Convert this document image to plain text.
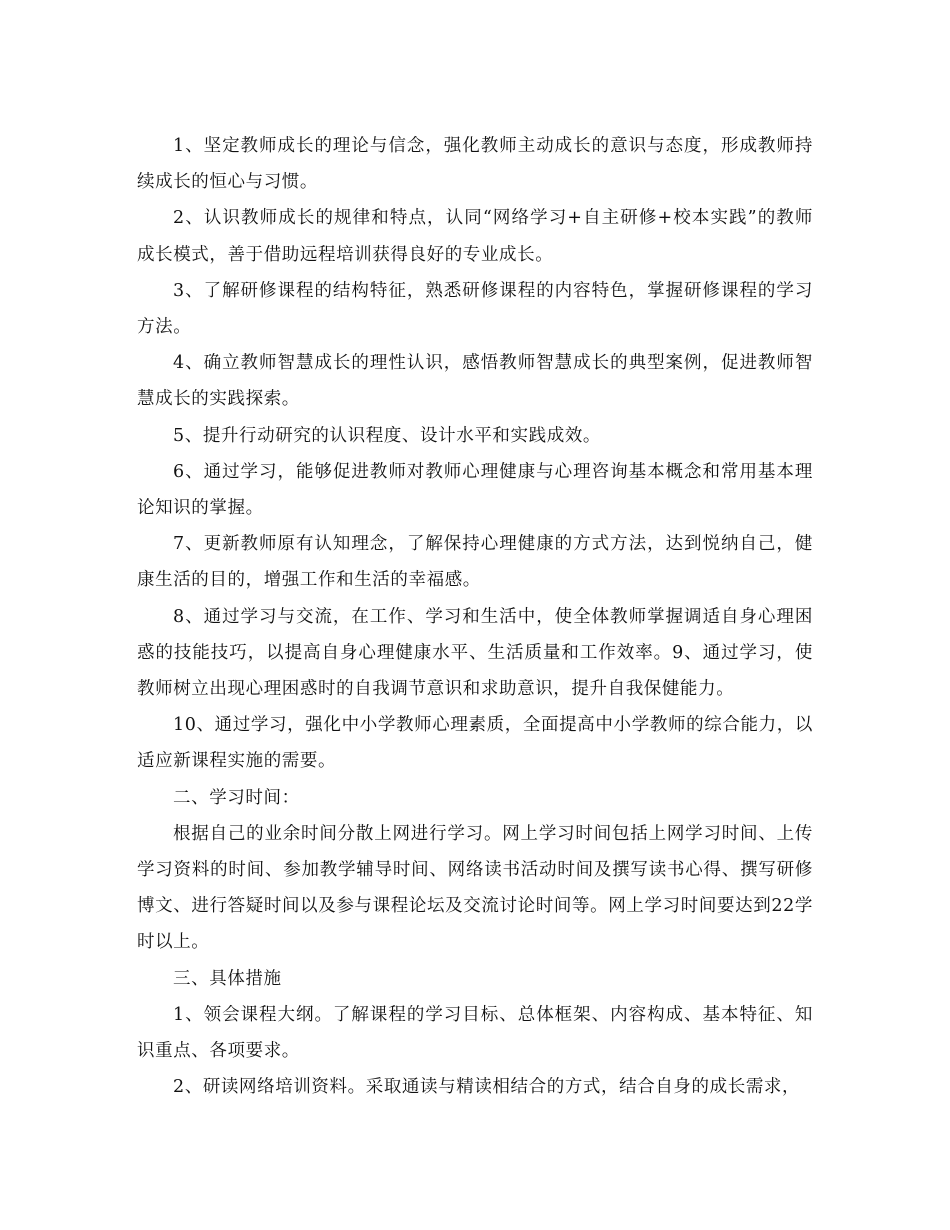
1、坚定教师成长的理论与信念，强化教师主动成长的意识与态度，形成教师持续成长的恒心与习惯。

2、认识教师成长的规律和特点，认同“网络学习+自主研修+校本实践”的教师成长模式，善于借助远程培训获得良好的专业成长。

3、了解研修课程的结构特征，熟悉研修课程的内容特色，掌握研修课程的学习方法。

4、确立教师智慧成长的理性认识，感悟教师智慧成长的典型案例，促进教师智慧成长的实践探索。

5、提升行动研究的认识程度、设计水平和实践成效。

6、通过学习，能够促进教师对教师心理健康与心理咨询基本概念和常用基本理论知识的掌握。

7、更新教师原有认知理念，了解保持心理健康的方式方法，达到悦纳自己，健康生活的目的，增强工作和生活的幸福感。

8、通过学习与交流，在工作、学习和生活中，使全体教师掌握调适自身心理困惑的技能技巧，以提高自身心理健康水平、生活质量和工作效率。9、通过学习，使教师树立出现心理困惑时的自我调节意识和求助意识，提升自我保健能力。

10、通过学习，强化中小学教师心理素质，全面提高中小学教师的综合能力，以适应新课程实施的需要。

二、学习时间：

根据自己的业余时间分散上网进行学习。网上学习时间包括上网学习时间、上传学习资料的时间、参加教学辅导时间、网络读书活动时间及撰写读书心得、撰写研修博文、进行答疑时间以及参与课程论坛及交流讨论时间等。网上学习时间要达到22学时以上。

三、具体措施

1、领会课程大纲。了解课程的学习目标、总体框架、内容构成、基本特征、知识重点、各项要求。

2、研读网络培训资料。采取通读与精读相结合的方式，结合自身的成长需求，
